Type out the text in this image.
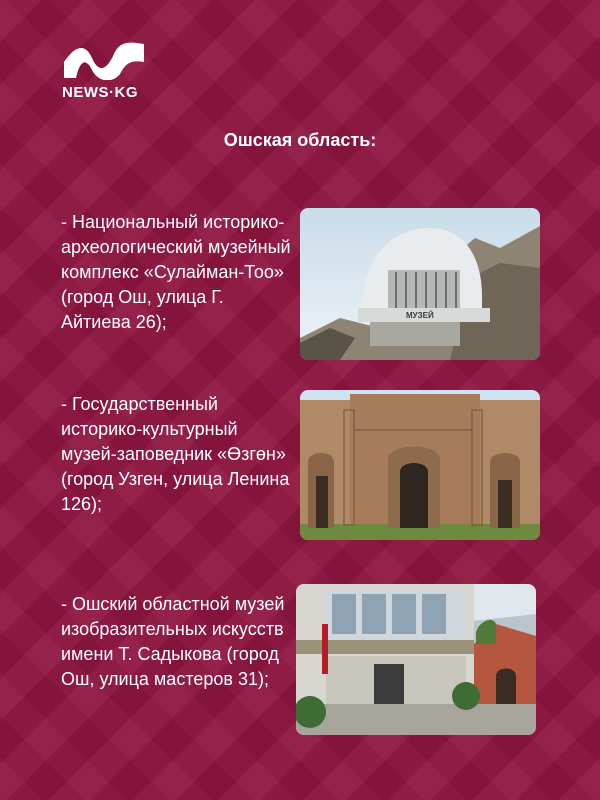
NEWS·KG
Ошская область:
- Национальный историко-археологический музейный комплекс «Сулайман-Тоо» (город Ош, улица Г. Айтиева 26);	МУЗЕЙ
- Государственный историко-культурный музей-заповедник «Өзгөн» (город Узген, улица Ленина 126);
- Ошский областной музей изобразительных искусств имени Т. Садыкова (город Ош, улица мастеров 31);
